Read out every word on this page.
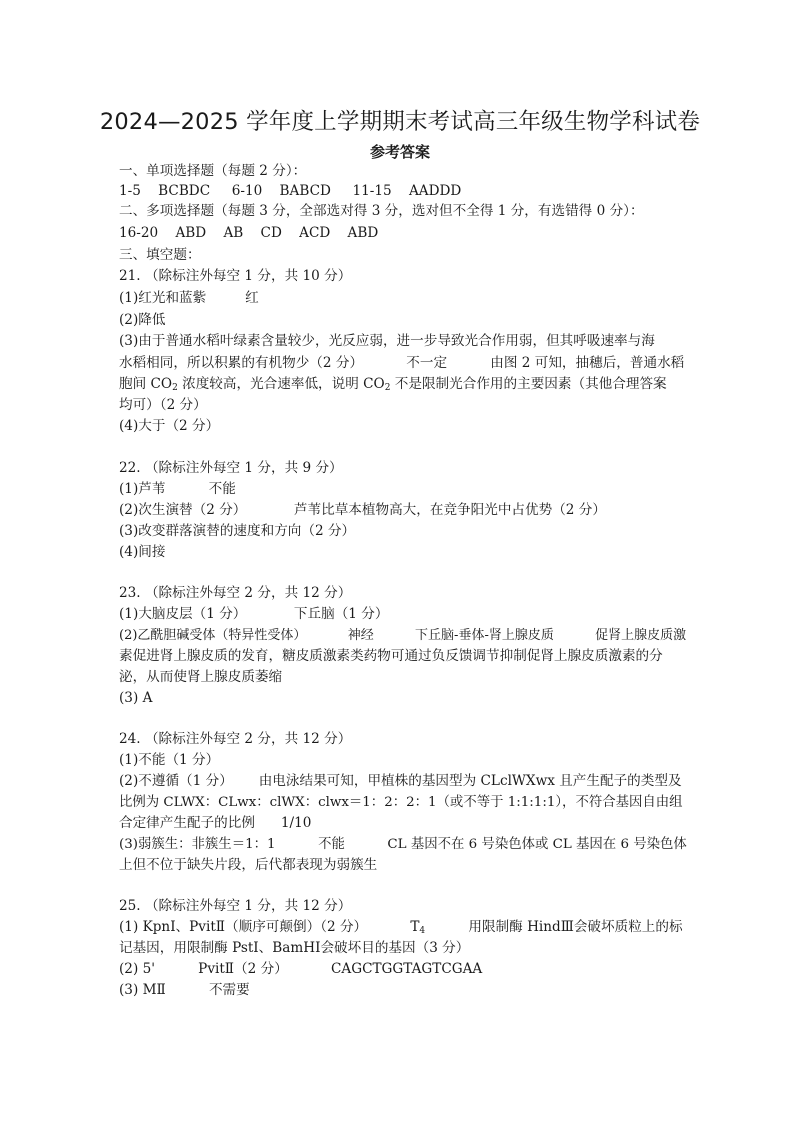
2024—2025 学年度上学期期末考试高三年级生物学科试卷
参考答案
一、单项选择题（每题 2 分）：
1-5    BCBDC     6-10    BABCD     11-15    AADDD
二、多项选择题（每题 3 分，全部选对得 3 分，选对但不全得 1 分，有选错得 0 分）：
16-20    ABD    AB    CD    ACD    ABD
三、填空题：
21. （除标注外每空 1 分，共 10 分）
(1)红光和蓝紫         红
(2)降低
(3)由于普通水稻叶绿素含量较少，光反应弱，进一步导致光合作用弱，但其呼吸速率与海
水稻相同，所以积累的有机物少（2 分）          不一定          由图 2 可知，抽穗后，普通水稻
胞间 $CO_2$ 浓度较高，光合速率低，说明 $CO_2$ 不是限制光合作用的主要因素（其他合理答案
均可）（2 分）
(4)大于（2 分）
22. （除标注外每空 1 分，共 9 分）
(1)芦苇          不能
(2)次生演替（2 分）           芦苇比草本植物高大，在竞争阳光中占优势（2 分）
(3)改变群落演替的速度和方向（2 分）
(4)间接
23. （除标注外每空 2 分，共 12 分）
(1)大脑皮层（1 分）           下丘脑（1 分）
(2)乙酰胆碱受体（特异性受体）          神经          下丘脑-垂体-肾上腺皮质          促肾上腺皮质激
素促进肾上腺皮质的发育，糖皮质激素类药物可通过负反馈调节抑制促肾上腺皮质激素的分
泌，从而使肾上腺皮质萎缩
(3) A
24. （除标注外每空 2 分，共 12 分）
(1)不能（1 分）
(2)不遵循（1 分）      由电泳结果可知，甲植株的基因型为 CLclWXwx 且产生配子的类型及
比例为 CLWX：CLwx：clWX：clwx＝1：2：2：1（或不等于 1:1:1:1），不符合基因自由组
合定律产生配子的比例      1/10
(3)弱簇生：非簇生＝1：1          不能          CL 基因不在 6 号染色体或 CL 基因在 6 号染色体
上但不位于缺失片段，后代都表现为弱簇生
25. （除标注外每空 1 分，共 12 分）
(1) KpnⅠ、PvitⅡ（顺序可颠倒）（2 分）          $T_4$          用限制酶 HindⅢ会破坏质粒上的标
记基因，用限制酶 PstⅠ、BamHⅠ会破坏目的基因（3 分）
(2) 5'          PvitⅡ（2 分）          CAGCTGGTAGTCGAA
(3) MⅡ          不需要
